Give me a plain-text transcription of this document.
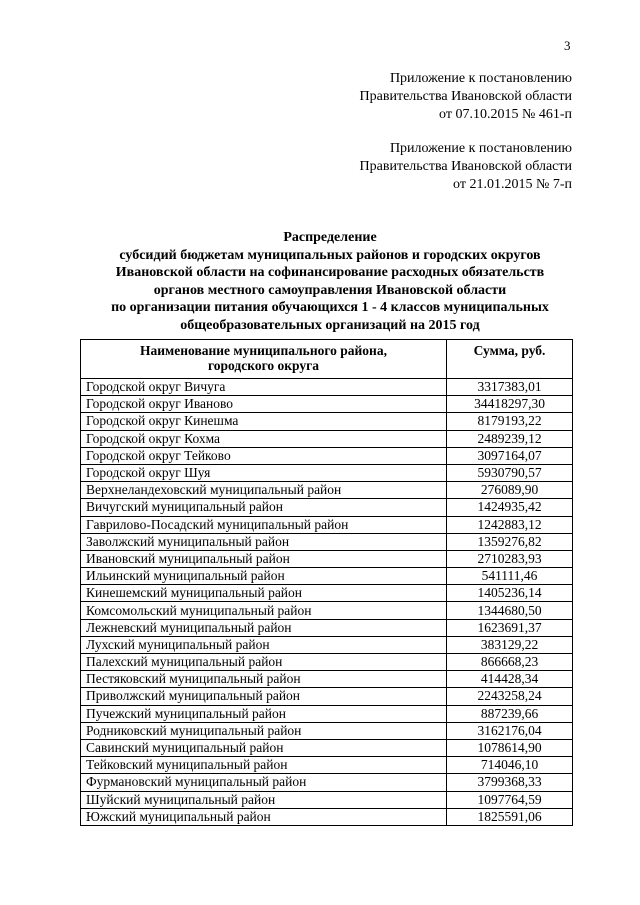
3
Приложение к постановлению
Правительства Ивановской области
от 07.10.2015 № 461-п
Приложение к постановлению
Правительства Ивановской области
от 21.01.2015 № 7-п
Распределение
субсидий бюджетам муниципальных районов и городских округов
Ивановской области на софинансирование расходных обязательств
органов местного самоуправления Ивановской области
по организации питания обучающихся 1 - 4 классов муниципальных
общеобразовательных организаций на 2015 год
Наименование муниципального района,
городского округа	Сумма, руб.
Городской округ Вичуга	3317383,01
Городской округ Иваново	34418297,30
Городской округ Кинешма	8179193,22
Городской округ Кохма	2489239,12
Городской округ Тейково	3097164,07
Городской округ Шуя	5930790,57
Верхнеландеховский муниципальный район	276089,90
Вичугский муниципальный район	1424935,42
Гаврилово-Посадский муниципальный район	1242883,12
Заволжский муниципальный район	1359276,82
Ивановский муниципальный район	2710283,93
Ильинский муниципальный район	541111,46
Кинешемский муниципальный район	1405236,14
Комсомольский муниципальный район	1344680,50
Лежневский муниципальный район	1623691,37
Лухский муниципальный район	383129,22
Палехский муниципальный район	866668,23
Пестяковский муниципальный район	414428,34
Приволжский муниципальный район	2243258,24
Пучежский муниципальный район	887239,66
Родниковский муниципальный район	3162176,04
Савинский муниципальный район	1078614,90
Тейковский муниципальный район	714046,10
Фурмановский муниципальный район	3799368,33
Шуйский муниципальный район	1097764,59
Южский муниципальный район	1825591,06
